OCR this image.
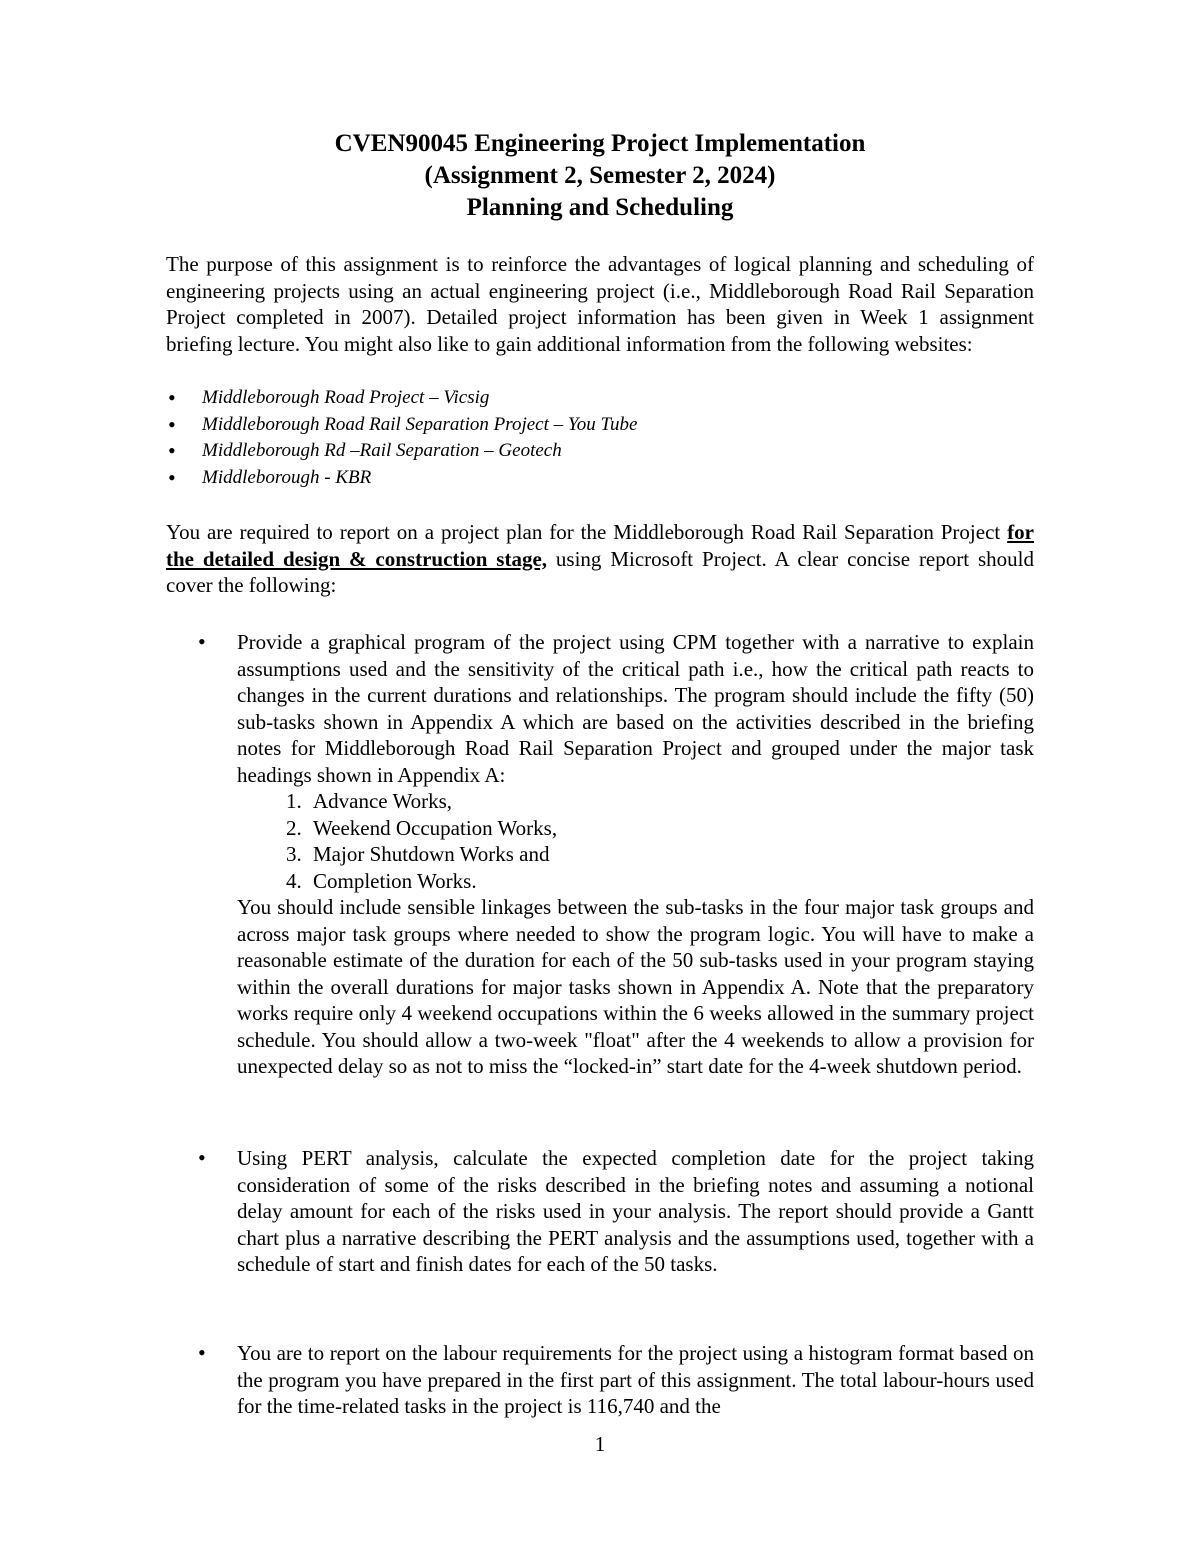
CVEN90045 Engineering Project Implementation
(Assignment 2, Semester 2, 2024)
Planning and Scheduling

The purpose of this assignment is to reinforce the advantages of logical planning and scheduling of engineering projects using an actual engineering project (i.e., Middleborough Road Rail Separation Project completed in 2007). Detailed project information has been given in Week 1 assignment briefing lecture. You might also like to gain additional information from the following websites:

• Middleborough Road Project – Vicsig
• Middleborough Road Rail Separation Project – You Tube
• Middleborough Rd –Rail Separation – Geotech
• Middleborough - KBR

You are required to report on a project plan for the Middleborough Road Rail Separation Project for the detailed design & construction stage, using Microsoft Project. A clear concise report should cover the following:

• Provide a graphical program of the project using CPM together with a narrative to explain assumptions used and the sensitivity of the critical path i.e., how the critical path reacts to changes in the current durations and relationships. The program should include the fifty (50) sub-tasks shown in Appendix A which are based on the activities described in the briefing notes for Middleborough Road Rail Separation Project and grouped under the major task headings shown in Appendix A:
1. Advance Works,
2. Weekend Occupation Works,
3. Major Shutdown Works and
4. Completion Works.
You should include sensible linkages between the sub-tasks in the four major task groups and across major task groups where needed to show the program logic. You will have to make a reasonable estimate of the duration for each of the 50 sub-tasks used in your program staying within the overall durations for major tasks shown in Appendix A. Note that the preparatory works require only 4 weekend occupations within the 6 weeks allowed in the summary project schedule. You should allow a two-week "float" after the 4 weekends to allow a provision for unexpected delay so as not to miss the “locked-in” start date for the 4-week shutdown period.
• Using PERT analysis, calculate the expected completion date for the project taking consideration of some of the risks described in the briefing notes and assuming a notional delay amount for each of the risks used in your analysis. The report should provide a Gantt chart plus a narrative describing the PERT analysis and the assumptions used, together with a schedule of start and finish dates for each of the 50 tasks.
• You are to report on the labour requirements for the project using a histogram format based on the program you have prepared in the first part of this assignment. The total labour-hours used for the time-related tasks in the project is 116,740 and the
1
